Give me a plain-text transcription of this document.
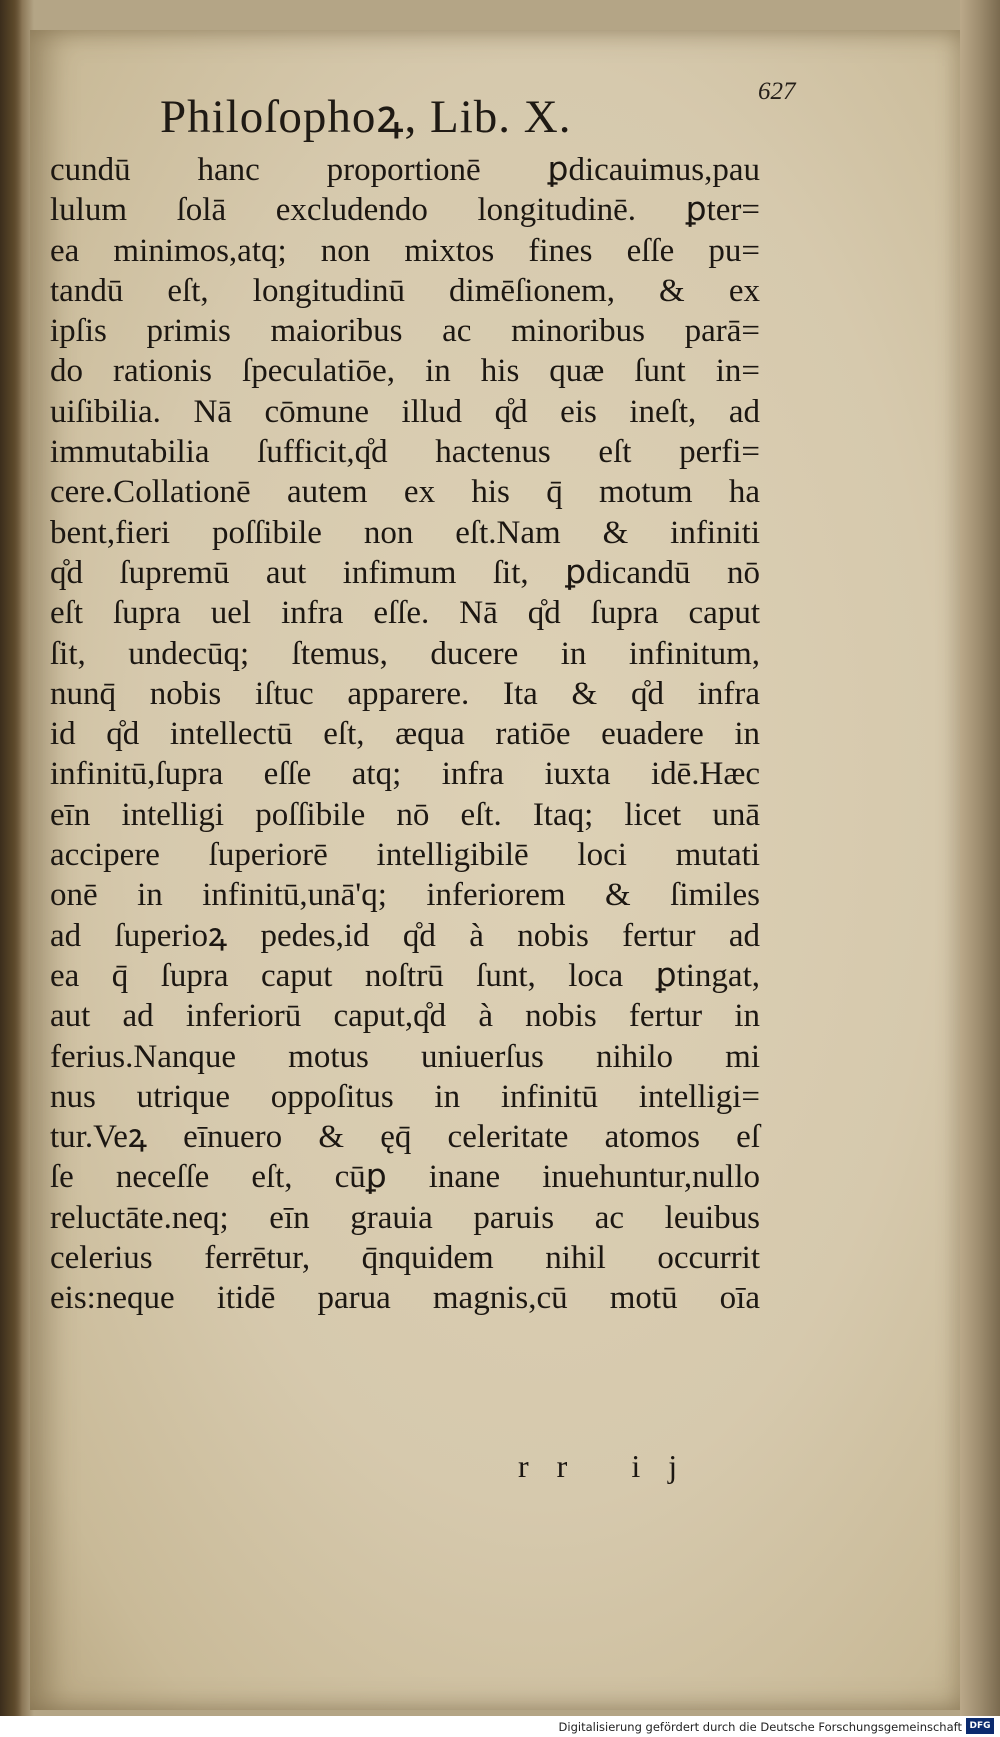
Philoſophoꝝ, Lib. X.	627
cundū hanc proportionē ꝑdicauimus,pau
lulum ſolā excludendo longitudinē. ꝑter=
ea minimos,atq; non mixtos fines eſſe pu=
tandū eſt, longitudinū dimēſionem, & ex
ipſis primis maioribus ac minoribus parā=
do rationis ſpeculatiōe, in his quæ ſunt in=
uiſibilia. Nā cōmune illud q̊d eis ineſt, ad
immutabilia ſufficit,q̊d hactenus eſt perfi=
cere.Collationē autem ex his q̄ motum ha
bent,fieri poſſibile non eſt.Nam & infiniti
q̊d ſupremū aut infimum ſit, ꝑdicandū nō
eſt ſupra uel infra eſſe. Nā q̊d ſupra caput
ſit, undecūq; ſtemus, ducere in infinitum,
nunq̄ nobis iſtuc apparere. Ita & q̊d infra
id q̊d intellectū eſt, æqua ratiōe euadere in
infinitū,ſupra eſſe atq; infra iuxta idē.Hæc
eīn intelligi poſſibile nō eſt. Itaq; licet unā
accipere ſuperiorē intelligibilē loci mutati
onē in infinitū,unā'q; inferiorem & ſimiles
ad ſuperioꝝ pedes,id q̊d à nobis fertur ad
ea q̄ ſupra caput noſtrū ſunt, loca ꝑtingat,
aut ad inferiorū caput,q̊d à nobis fertur in
ferius.Nanque motus uniuerſus nihilo mi
nus utrique oppoſitus in infinitū intelligi=
tur.Veꝝ eīnuero & ęq̄ celeritate atomos eſ
ſe neceſſe eſt, cūꝑ inane inuehuntur,nullo
reluctāte.neq; eīn grauia paruis ac leuibus
celerius ferrētur, q̄nquidem nihil occurrit
eis:neque itidē parua magnis,cū motū oīa
rr ij
Digitalisierung gefördert durch die Deutsche Forschungsgemeinschaft DFG
